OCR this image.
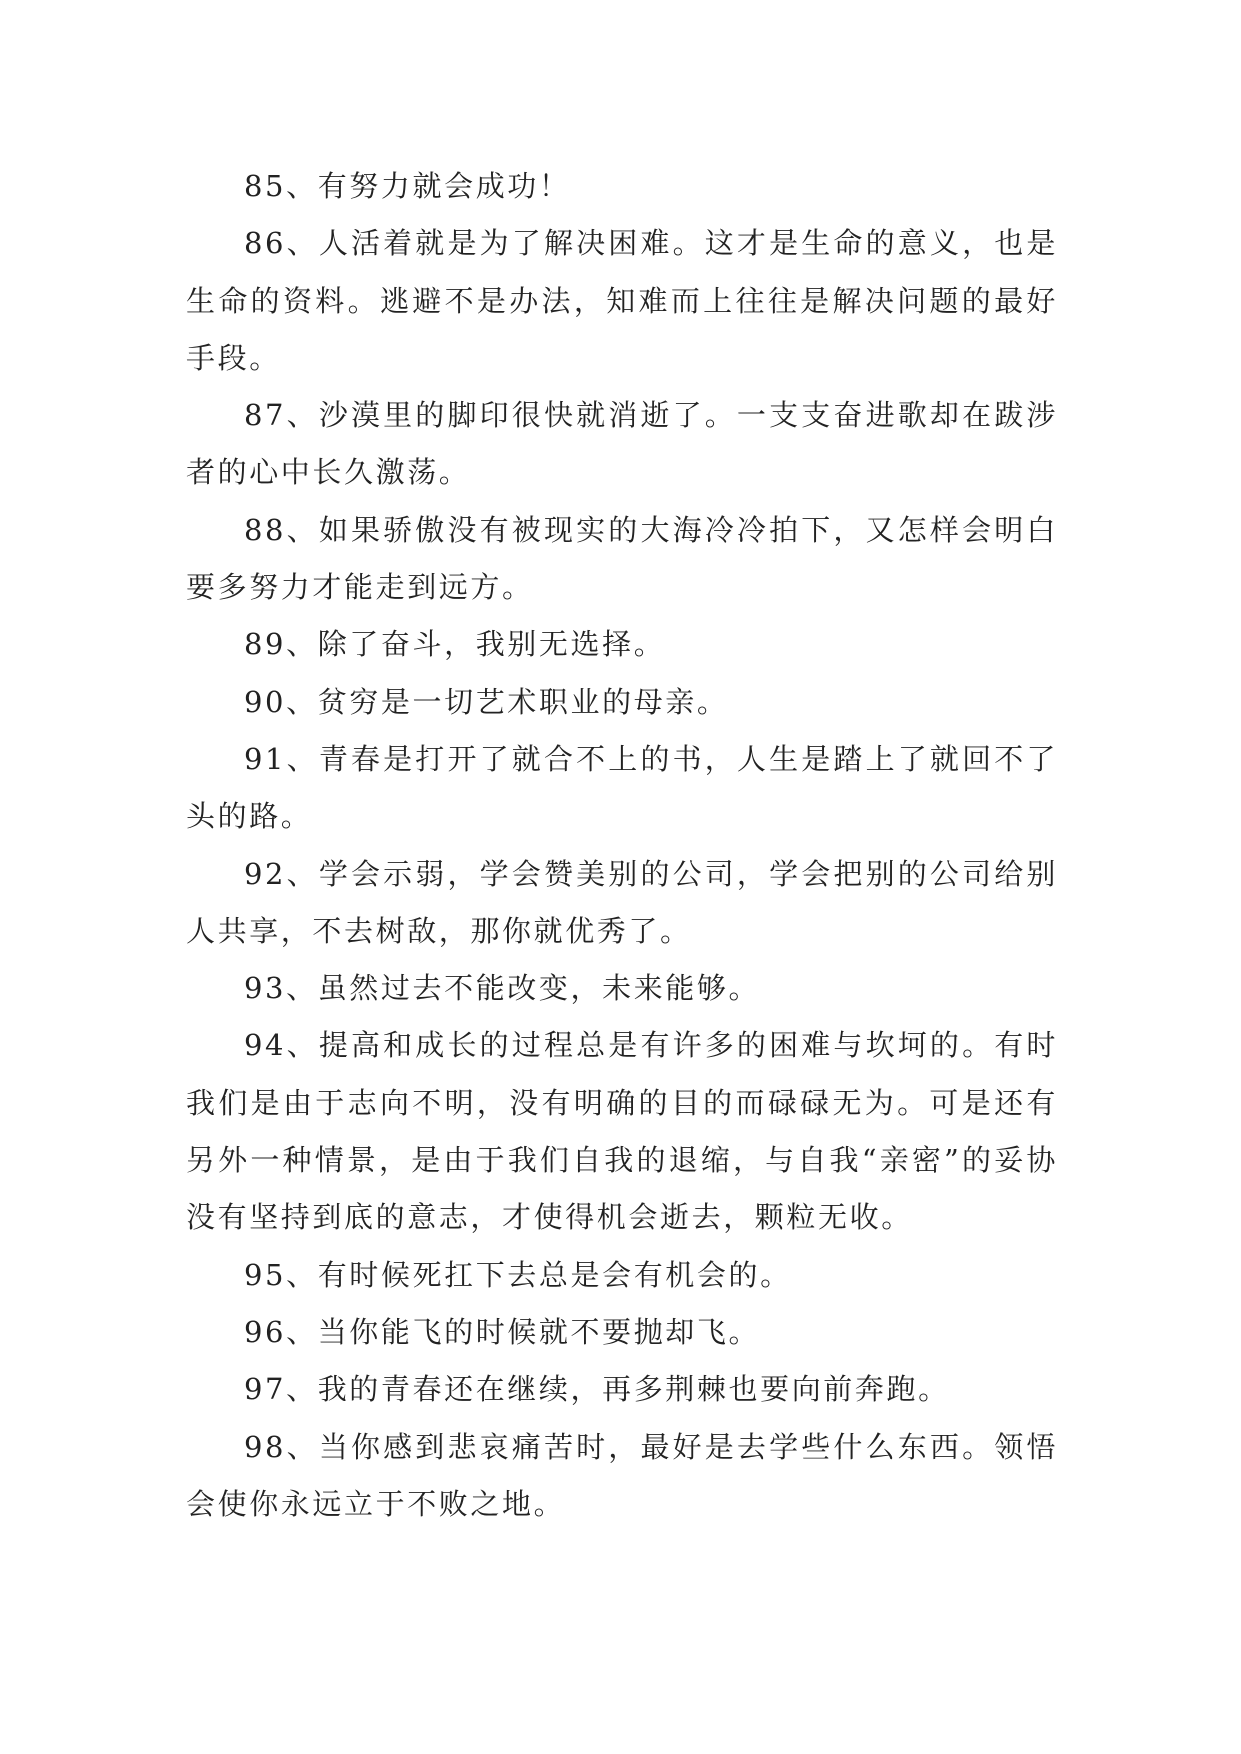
85、有努力就会成功！

86、人活着就是为了解决困难。这才是生命的意义，也是生命的资料。逃避不是办法，知难而上往往是解决问题的最好手段。

87、沙漠里的脚印很快就消逝了。一支支奋进歌却在跋涉者的心中长久激荡。

88、如果骄傲没有被现实的大海冷冷拍下，又怎样会明白要多努力才能走到远方。

89、除了奋斗，我别无选择。

90、贫穷是一切艺术职业的母亲。

91、青春是打开了就合不上的书，人生是踏上了就回不了头的路。

92、学会示弱，学会赞美别的公司，学会把别的公司给别人共享，不去树敌，那你就优秀了。

93、虽然过去不能改变，未来能够。

94、提高和成长的过程总是有许多的困难与坎坷的。有时我们是由于志向不明，没有明确的目的而碌碌无为。可是还有另外一种情景，是由于我们自我的退缩，与自我“亲密”的妥协没有坚持到底的意志，才使得机会逝去，颗粒无收。

95、有时候死扛下去总是会有机会的。

96、当你能飞的时候就不要抛却飞。

97、我的青春还在继续，再多荆棘也要向前奔跑。

98、当你感到悲哀痛苦时，最好是去学些什么东西。领悟会使你永远立于不败之地。
